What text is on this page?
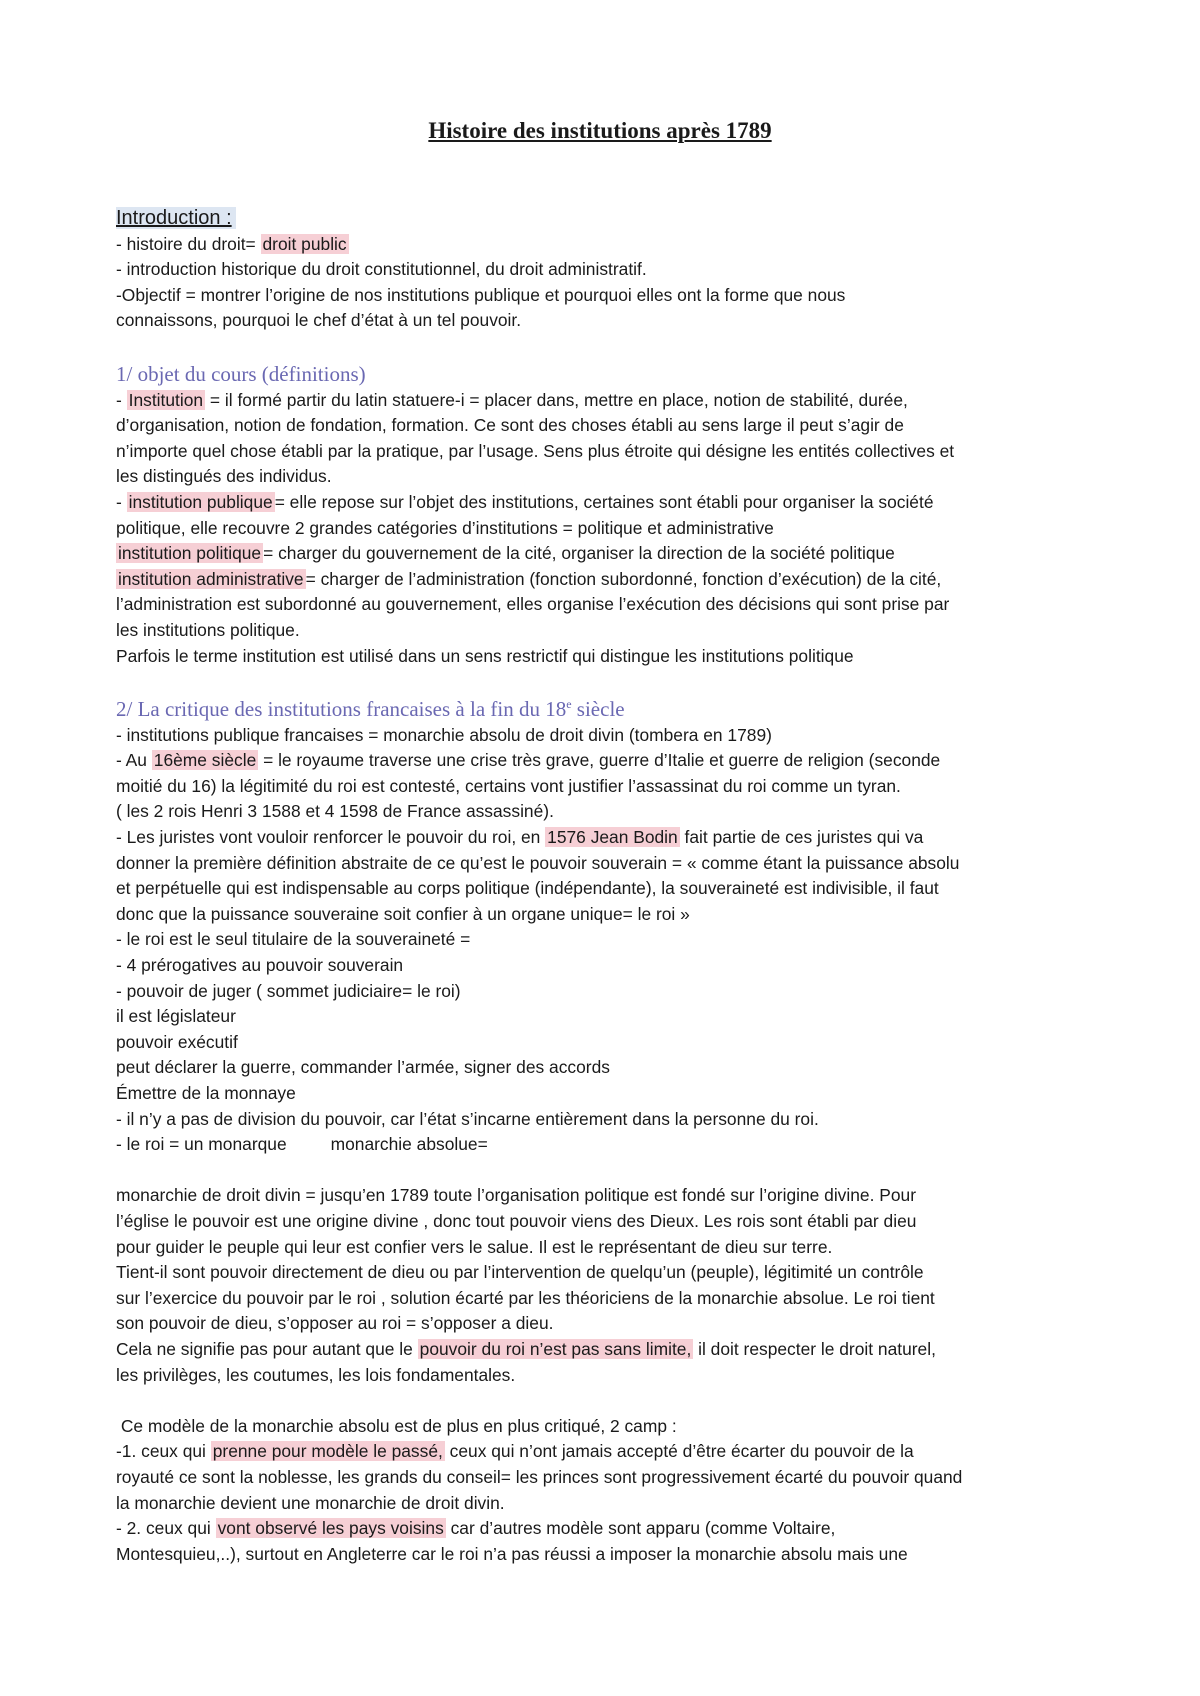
Histoire des institutions après 1789

Introduction :

- histoire du droit= droit public

- introduction historique du droit constitutionnel, du droit administratif.

-Objectif = montrer l’origine de nos institutions publique et pourquoi elles ont la forme que nous

connaissons, pourquoi le chef d’état à un tel pouvoir.

1/ objet du cours (définitions)

- Institution = il formé partir du latin statuere-i = placer dans, mettre en place, notion de stabilité, durée,

d’organisation, notion de fondation, formation. Ce sont des choses établi au sens large il peut s’agir de

n’importe quel chose établi par la pratique, par l’usage. Sens plus étroite qui désigne les entités collectives et

les distingués des individus.

- institution publique = elle repose sur l’objet des institutions, certaines sont établi pour organiser la société

politique, elle recouvre 2 grandes catégories d’institutions = politique et administrative

institution politique = charger du gouvernement de la cité, organiser la direction de la société politique

institution administrative = charger de l’administration (fonction subordonné, fonction d’exécution) de la cité,

l’administration est subordonné au gouvernement, elles organise l’exécution des décisions qui sont prise par

les institutions politique.

Parfois le terme institution est utilisé dans un sens restrictif qui distingue les institutions politique

2/ La critique des institutions francaises à la fin du 18e siècle

- institutions publique francaises = monarchie absolu de droit divin (tombera en 1789)

- Au 16ème siècle = le royaume traverse une crise très grave, guerre d’Italie et guerre de religion (seconde

moitié du 16) la légitimité du roi est contesté, certains vont justifier l’assassinat du roi comme un tyran.

( les 2 rois Henri 3 1588 et 4 1598 de France assassiné).

- Les juristes vont vouloir renforcer le pouvoir du roi, en 1576 Jean Bodin fait partie de ces juristes qui va

donner la première définition abstraite de ce qu’est le pouvoir souverain = « comme étant la puissance absolu

et perpétuelle qui est indispensable au corps politique (indépendante), la souveraineté est indivisible, il faut

donc que la puissance souveraine soit confier à un organe unique= le roi »

- le roi est le seul titulaire de la souveraineté =

- 4 prérogatives au pouvoir souverain

- pouvoir de juger ( sommet judiciaire= le roi)

il est législateur

pouvoir exécutif

peut déclarer la guerre, commander l’armée, signer des accords

Émettre de la monnaye

- il n’y a pas de division du pouvoir, car l’état s’incarne entièrement dans la personne du roi.

- le roi = un monarque	monarchie absolue=

monarchie de droit divin = jusqu’en 1789 toute l’organisation politique est fondé sur l’origine divine. Pour

l’église le pouvoir est une origine divine , donc tout pouvoir viens des Dieux. Les rois sont établi par dieu

pour guider le peuple qui leur est confier vers le salue. Il est le représentant de dieu sur terre.

Tient-il sont pouvoir directement de dieu ou par l’intervention de quelqu’un (peuple), légitimité un contrôle

sur l’exercice du pouvoir par le roi , solution écarté par les théoriciens de la monarchie absolue. Le roi tient

son pouvoir de dieu, s’opposer au roi = s’opposer a dieu.

Cela ne signifie pas pour autant que le pouvoir du roi n’est pas sans limite, il doit respecter le droit naturel,

les privilèges, les coutumes, les lois fondamentales.

Ce modèle de la monarchie absolu est de plus en plus critiqué, 2 camp :

-1. ceux qui prenne pour modèle le passé, ceux qui n’ont jamais accepté d’être écarter du pouvoir de la

royauté ce sont la noblesse, les grands du conseil= les princes sont progressivement écarté du pouvoir quand

la monarchie devient une monarchie de droit divin.

- 2. ceux qui vont observé les pays voisins car d’autres modèle sont apparu (comme Voltaire,

Montesquieu,..), surtout en Angleterre car le roi n’a pas réussi a imposer la monarchie absolu mais une
